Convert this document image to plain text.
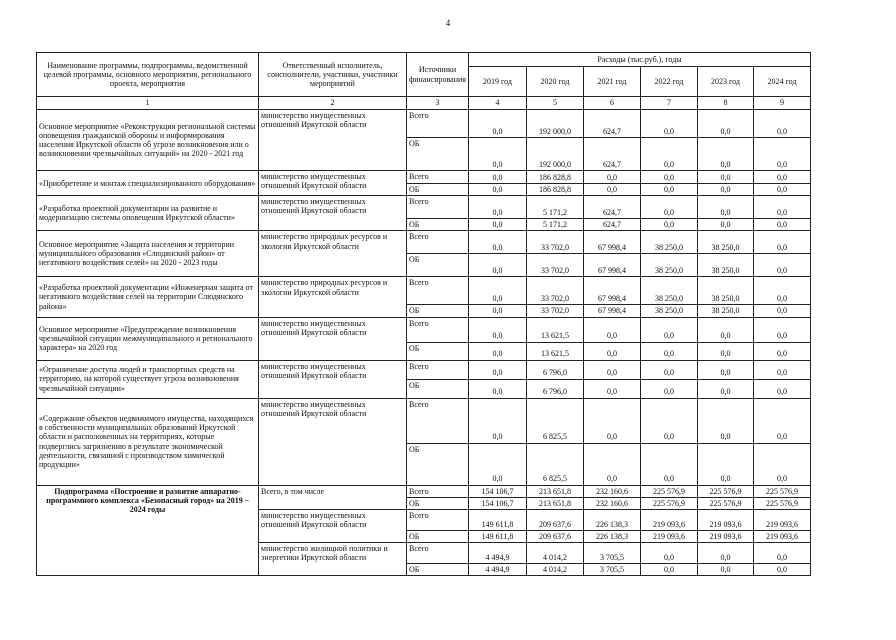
4
Наименование программы, подпрограммы, ведомственной целевой программы, основного мероприятия, регионального проекта, мероприятия	Ответственный исполнитель, соисполнители, участники, участники мероприятий	Источники финансирования	Расходы (тыс.руб.), годы					
			2019 год	2020 год	2021 год	2022 год	2023 год	2024 год
1	2	3	4	5	6	7	8	9
Основное мероприятие «Реконструкция региональной системы оповещения гражданской обороны и информирования населения Иркутской области об угрозе возникновения или о возникновении чрезвычайных ситуаций» на 2020 - 2021 год	министерство имущественных отношений Иркутской области	Всего	0,0	192 000,0	624,7	0,0	0,0	0,0
		ОБ	0,0	192 000,0	624,7	0,0	0,0	0,0
«Приобретение и монтаж специализированного оборудования»	министерство имущественных отношений Иркутской области	Всего	0,0	186 828,8	0,0	0,0	0,0	0,0
		ОБ	0,0	186 828,8	0,0	0,0	0,0	0,0
«Разработка проектной документации на развитие и модернизацию системы оповещения Иркутской области»	министерство имущественных отношений Иркутской области	Всего	0,0	5 171,2	624,7	0,0	0,0	0,0
		ОБ	0,0	5 171,2	624,7	0,0	0,0	0,0
Основное мероприятие «Защита населения и территории муниципального образования «Слюдянский район» от негативного воздействия селей» на 2020 - 2023 годы	министерство природных ресурсов и экологии Иркутской области	Всего	0,0	33 702,0	67 998,4	38 250,0	38 250,0	0,0
		ОБ	0,0	33 702,0	67 998,4	38 250,0	38 250,0	0,0
«Разработка проектной документации «Инженерная защита от негативного воздействия селей на территории Слюдянского района»	министерство природных ресурсов и экологии Иркутской области	Всего	0,0	33 702,0	67 998,4	38 250,0	38 250,0	0,0
		ОБ	0,0	33 702,0	67 998,4	38 250,0	38 250,0	0,0
Основное мероприятие «Предупреждение возникновения чрезвычайной ситуации межмуниципального и регионального характера» на 2020 год	министерство имущественных отношений Иркутской области	Всего	0,0	13 621,5	0,0	0,0	0,0	0,0
		ОБ	0,0	13 621,5	0,0	0,0	0,0	0,0
«Ограничение доступа людей и транспортных средств на территорию, на которой существует угроза возникновения чрезвычайной ситуации»	министерство имущественных отношений Иркутской области	Всего	0,0	6 796,0	0,0	0,0	0,0	0,0
		ОБ	0,0	6 796,0	0,0	0,0	0,0	0,0
«Содержание объектов недвижимого имущества, находящихся в собственности муниципальных образований Иркутской области и расположенных на территориях, которые подверглись загрязнению в результате экономической деятельности, связанной с производством химической продукции»	министерство имущественных отношений Иркутской области	Всего	0,0	6 825,5	0,0	0,0	0,0	0,0
		ОБ	0,0	6 825,5	0,0	0,0	0,0	0,0
Подпрограмма «Построение и развитие аппаратно-программного комплекса «Безопасный город» на 2019 – 2024 годы	Всего, в том числе	Всего	154 106,7	213 651,8	232 160,6	225 576,9	225 576,9	225 576,9
		ОБ	154 106,7	213 651,8	232 160,6	225 576,9	225 576,9	225 576,9
	министерство имущественных отношений Иркутской области	Всего	149 611,8	209 637,6	226 138,3	219 093,6	219 093,6	219 093,6
		ОБ	149 611,8	209 637,6	226 138,3	219 093,6	219 093,6	219 093,6
	министерство жилищной политики и энергетики Иркутской области	Всего	4 494,9	4 014,2	3 705,5	0,0	0,0	0,0
		ОБ	4 494,9	4 014,2	3 705,5	0,0	0,0	0,0
